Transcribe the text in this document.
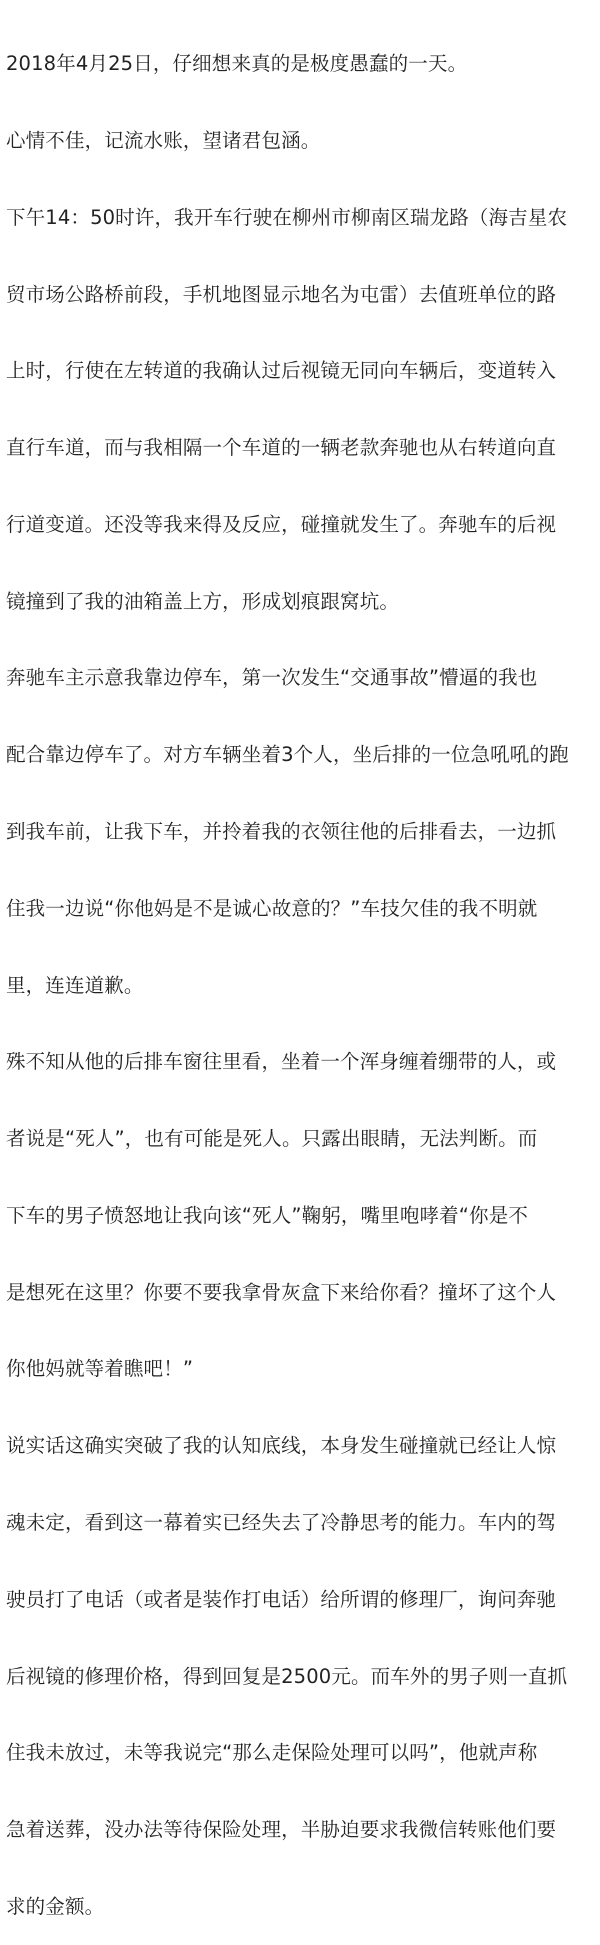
2018年4月25日，仔细想来真的是极度愚蠢的一天。

心情不佳，记流水账，望诸君包涵。

下午14：50时许，我开车行驶在柳州市柳南区瑞龙路（海吉星农

贸市场公路桥前段，手机地图显示地名为屯雷）去值班单位的路

上时，行使在左转道的我确认过后视镜无同向车辆后，变道转入

直行车道，而与我相隔一个车道的一辆老款奔驰也从右转道向直

行道变道。还没等我来得及反应，碰撞就发生了。奔驰车的后视

镜撞到了我的油箱盖上方，形成划痕跟窝坑。

奔驰车主示意我靠边停车，第一次发生“交通事故”懵逼的我也

配合靠边停车了。对方车辆坐着3个人，坐后排的一位急吼吼的跑

到我车前，让我下车，并拎着我的衣领往他的后排看去，一边抓

住我一边说“你他妈是不是诚心故意的？”车技欠佳的我不明就

里，连连道歉。

殊不知从他的后排车窗往里看，坐着一个浑身缠着绷带的人，或

者说是“死人”，也有可能是死人。只露出眼睛，无法判断。而

下车的男子愤怒地让我向该“死人”鞠躬，嘴里咆哮着“你是不

是想死在这里？你要不要我拿骨灰盒下来给你看？撞坏了这个人

你他妈就等着瞧吧！”

说实话这确实突破了我的认知底线，本身发生碰撞就已经让人惊

魂未定，看到这一幕着实已经失去了冷静思考的能力。车内的驾

驶员打了电话（或者是装作打电话）给所谓的修理厂，询问奔驰

后视镜的修理价格，得到回复是2500元。而车外的男子则一直抓

住我未放过，未等我说完“那么走保险处理可以吗”，他就声称

急着送葬，没办法等待保险处理，半胁迫要求我微信转账他们要

求的金额。
